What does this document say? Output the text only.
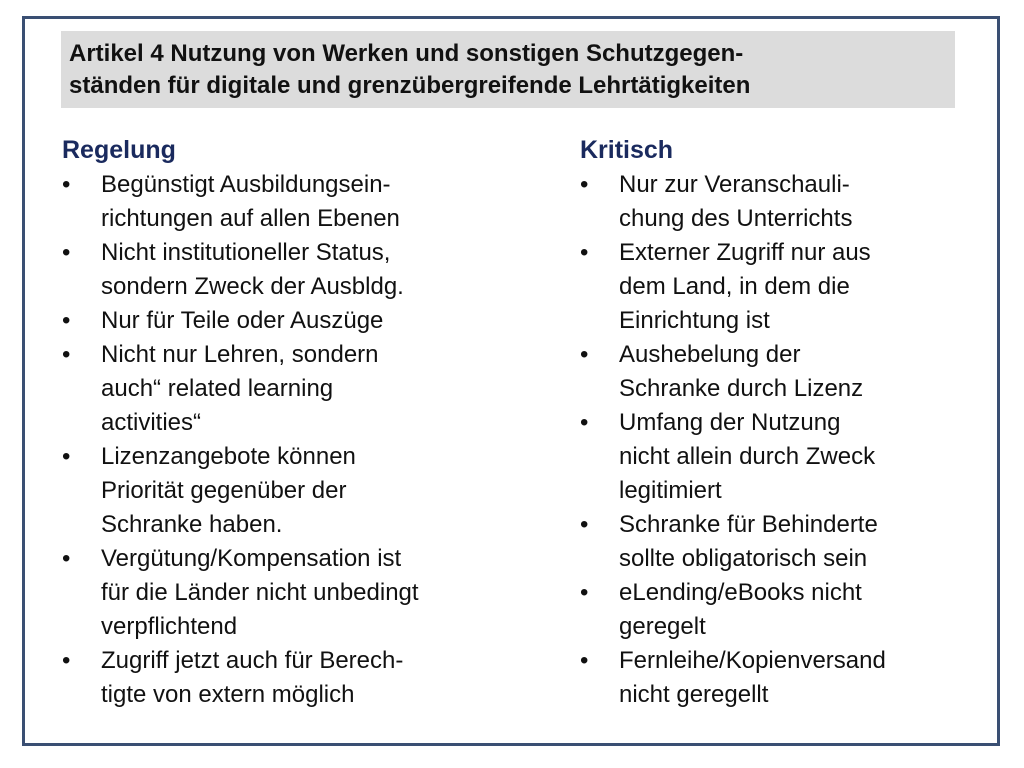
Artikel 4 Nutzung von Werken und sonstigen Schutzgegen-
ständen für digitale und grenzübergreifende Lehrtätigkeiten
Regelung
• Begünstigt Ausbildungsein-
richtungen auf allen Ebenen
• Nicht institutioneller Status,
sondern Zweck der Ausbldg.
• Nur für Teile oder Auszüge
• Nicht nur Lehren, sondern
auch“ related learning
activities“
• Lizenzangebote können
Priorität gegenüber der
Schranke haben.
• Vergütung/Kompensation ist
für die Länder nicht unbedingt
verpflichtend
• Zugriff jetzt auch für Berech-
tigte von extern möglich
Kritisch
• Nur zur Veranschauli-
chung des Unterrichts
• Externer Zugriff nur aus
dem Land, in dem die
Einrichtung ist
• Aushebelung der
Schranke durch Lizenz
• Umfang der Nutzung
nicht allein durch Zweck
legitimiert
• Schranke für Behinderte
sollte obligatorisch sein
• eLending/eBooks nicht
geregelt
• Fernleihe/Kopienversand
nicht geregellt
